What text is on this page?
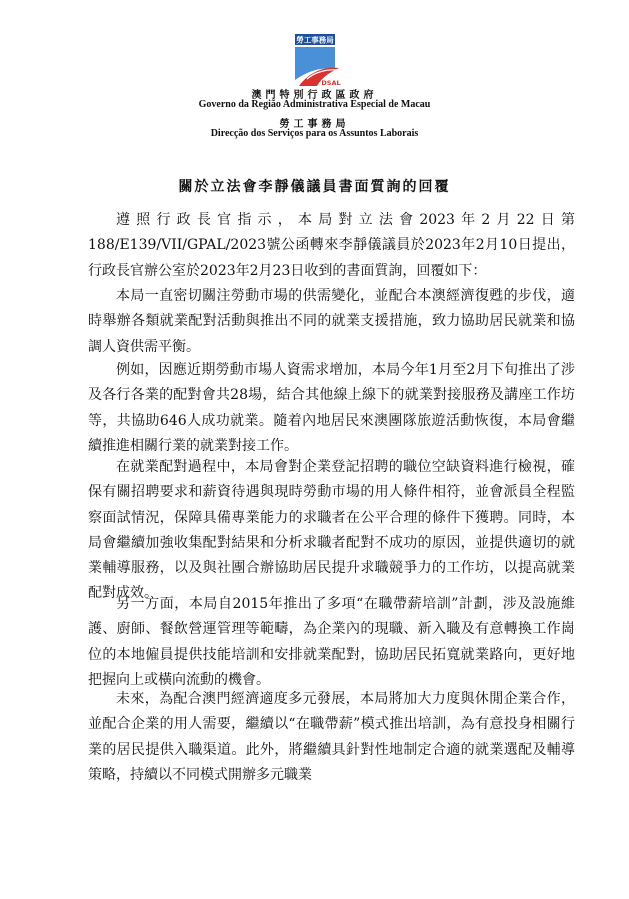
勞工事務局
DSAL
澳門特別行政區政府
Governo da Região Administrativa Especial de Macau
勞工事務局
Direcção dos Serviços para os Assuntos Laborais
關於立法會李靜儀議員書面質詢的回覆
遵照行政長官指示，本局對立法會2023年2月22日第188/E139/VII/GPAL/2023號公函轉來李靜儀議員於2023年2月10日提出，行政長官辦公室於2023年2月23日收到的書面質詢，回覆如下：
本局一直密切關注勞動市場的供需變化，並配合本澳經濟復甦的步伐，適時舉辦各類就業配對活動與推出不同的就業支援措施，致力協助居民就業和協調人資供需平衡。
例如，因應近期勞動市場人資需求增加，本局今年1月至2月下旬推出了涉及各行各業的配對會共28場，結合其他線上線下的就業對接服務及講座工作坊等，共協助646人成功就業。隨着內地居民來澳團隊旅遊活動恢復，本局會繼續推進相關行業的就業對接工作。
在就業配對過程中，本局會對企業登記招聘的職位空缺資料進行檢視，確保有關招聘要求和薪資待遇與現時勞動市場的用人條件相符，並會派員全程監察面試情況，保障具備專業能力的求職者在公平合理的條件下獲聘。同時，本局會繼續加強收集配對結果和分析求職者配對不成功的原因，並提供適切的就業輔導服務，以及與社團合辦協助居民提升求職競爭力的工作坊，以提高就業配對成效。
另一方面，本局自2015年推出了多項“在職帶薪培訓”計劃，涉及設施維護、廚師、餐飲營運管理等範疇，為企業內的現職、新入職及有意轉換工作崗位的本地僱員提供技能培訓和安排就業配對，協助居民拓寬就業路向，更好地把握向上或橫向流動的機會。
未來，為配合澳門經濟適度多元發展，本局將加大力度與休閒企業合作，並配合企業的用人需要，繼續以“在職帶薪”模式推出培訓，為有意投身相關行業的居民提供入職渠道。此外，將繼續具針對性地制定合適的就業選配及輔導策略，持續以不同模式開辦多元職業
